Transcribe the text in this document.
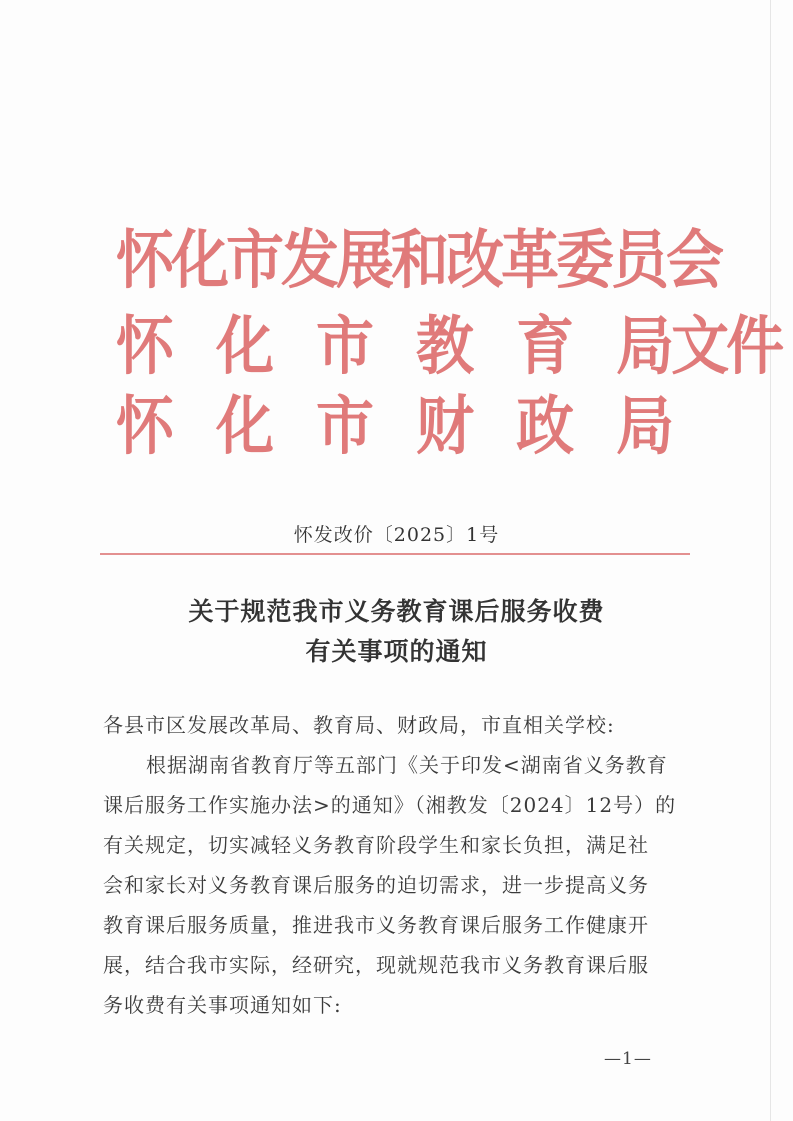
怀化市发展和改革委员会
怀 化 市 教 育 局文件
怀 化 市 财 政 局
怀发改价〔2025〕1号
关于规范我市义务教育课后服务收费
有关事项的通知
各县市区发展改革局、教育局、财政局，市直相关学校:
根据湖南省教育厅等五部门《关于印发<湖南省义务教育
课后服务工作实施办法>的通知》（湘教发〔2024〕12号）的
有关规定，切实减轻义务教育阶段学生和家长负担，满足社
会和家长对义务教育课后服务的迫切需求，进一步提高义务
教育课后服务质量，推进我市义务教育课后服务工作健康开
展，结合我市实际，经研究，现就规范我市义务教育课后服
务收费有关事项通知如下:
—1—
